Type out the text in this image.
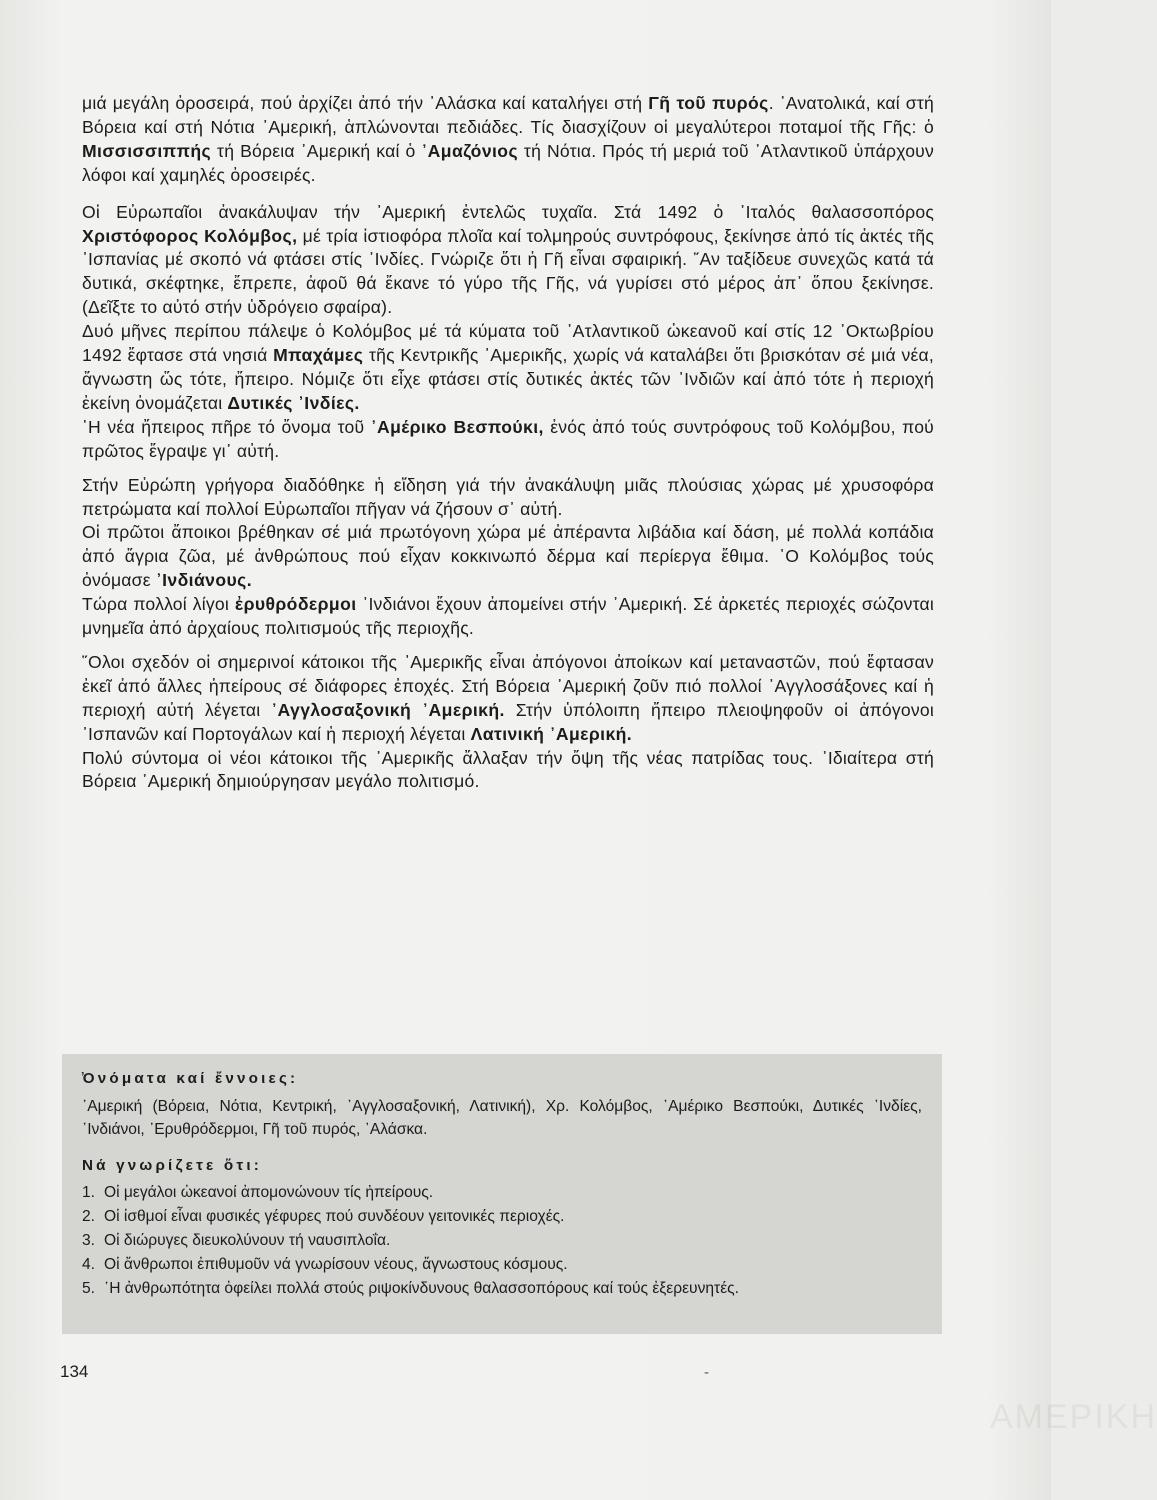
μιά μεγάλη ὀροσειρά, πού ἀρχίζει ἀπό τήν ᾿Αλάσκα καί καταλήγει στή Γῆ τοῦ πυρός. ᾿Ανατολικά, καί στή Βόρεια καί στή Νότια ᾿Αμερική, ἁπλώνονται πεδιάδες. Τίς διασχίζουν οἱ μεγαλύτεροι ποταμοί τῆς Γῆς: ὁ Μισσισσιππής τή Βόρεια ᾿Αμερική καί ὁ ᾿Αμαζόνιος τή Νότια. Πρός τή μεριά τοῦ ᾿Ατλαντικοῦ ὑπάρχουν λόφοι καί χαμηλές ὀροσειρές.

Οἱ Εὐρωπαῖοι ἀνακάλυψαν τήν ᾿Αμερική ἐντελῶς τυχαῖα. Στά 1492 ὁ ᾿Ιταλός θαλασσοπόρος Χριστόφορος Κολόμβος, μέ τρία ἱστιοφόρα πλοῖα καί τολμηρούς συντρόφους, ξεκίνησε ἀπό τίς ἀκτές τῆς ᾿Ισπανίας μέ σκοπό νά φτάσει στίς ᾿Ινδίες. Γνώριζε ὅτι ἡ Γῆ εἶναι σφαιρική. ῎Αν ταξίδευε συνεχῶς κατά τά δυτικά, σκέφτηκε, ἔπρεπε, ἀφοῦ θά ἔκανε τό γύρο τῆς Γῆς, νά γυρίσει στό μέρος ἀπ᾿ ὅπου ξεκίνησε. (Δεῖξτε το αὐτό στήν ὑδρόγειο σφαίρα).

Δυό μῆνες περίπου πάλεψε ὁ Κολόμβος μέ τά κύματα τοῦ ᾿Ατλαντικοῦ ὠκεανοῦ καί στίς 12 ᾿Οκτωβρίου 1492 ἔφτασε στά νησιά Μπαχάμες τῆς Κεντρικῆς ᾿Αμερικῆς, χωρίς νά καταλάβει ὅτι βρισκόταν σέ μιά νέα, ἄγνωστη ὥς τότε, ἤπειρο. Νόμιζε ὅτι εἶχε φτάσει στίς δυτικές ἀκτές τῶν ᾿Ινδιῶν καί ἀπό τότε ἡ περιοχή ἐκείνη ὀνομάζεται Δυτικές ᾿Ινδίες.

῾Η νέα ἤπειρος πῆρε τό ὄνομα τοῦ ᾿Αμέρικο Βεσπούκι, ἑνός ἀπό τούς συντρόφους τοῦ Κολόμβου, πού πρῶτος ἔγραψε γι᾿ αὐτή.

Στήν Εὐρώπη γρήγορα διαδόθηκε ἡ εἴδηση γιά τήν ἀνακάλυψη μιᾶς πλούσιας χώρας μέ χρυσοφόρα πετρώματα καί πολλοί Εὐρωπαῖοι πῆγαν νά ζήσουν σ᾿ αὐτή.

Οἱ πρῶτοι ἄποικοι βρέθηκαν σέ μιά πρωτόγονη χώρα μέ ἀπέραντα λιβάδια καί δάση, μέ πολλά κοπάδια ἀπό ἄγρια ζῶα, μέ ἀνθρώπους πού εἶχαν κοκκινωπό δέρμα καί περίεργα ἔθιμα. ῾Ο Κολόμβος τούς ὀνόμασε ᾿Ινδιάνους.

Τώρα πολλοί λίγοι ἐρυθρόδερμοι ᾿Ινδιάνοι ἔχουν ἀπομείνει στήν ᾿Αμερική. Σέ ἀρκετές περιοχές σώζονται μνημεῖα ἀπό ἀρχαίους πολιτισμούς τῆς περιοχῆς.

῞Ολοι σχεδόν οἱ σημερινοί κάτοικοι τῆς ᾿Αμερικῆς εἶναι ἀπόγονοι ἀποίκων καί μεταναστῶν, πού ἔφτασαν ἐκεῖ ἀπό ἄλλες ἠπείρους σέ διάφορες ἐποχές. Στή Βόρεια ᾿Αμερική ζοῦν πιό πολλοί ᾿Αγγλοσάξονες καί ἡ περιοχή αὐτή λέγεται ᾿Αγγλοσαξονική ᾿Αμερική. Στήν ὑπόλοιπη ἤπειρο πλειοψηφοῦν οἱ ἀπόγονοι ᾿Ισπανῶν καί Πορτογάλων καί ἡ περιοχή λέγεται Λατινική ᾿Αμερική.

Πολύ σύντομα οἱ νέοι κάτοικοι τῆς ᾿Αμερικῆς ἄλλαξαν τήν ὄψη τῆς νέας πατρίδας τους. ᾿Ιδιαίτερα στή Βόρεια ᾿Αμερική δημιούργησαν μεγάλο πολιτισμό.

Ὀνόματα καί ἔννοιες:

᾿Αμερική (Βόρεια, Νότια, Κεντρική, ᾿Αγγλοσαξονική, Λατινική), Χρ. Κολόμβος, ᾿Αμέρικο Βεσπούκι, Δυτικές ᾿Ινδίες, ᾿Ινδιάνοι, ᾿Ερυθρόδερμοι, Γῆ τοῦ πυρός, ᾿Αλάσκα.

Νά γνωρίζετε ὅτι:

1. Οἱ μεγάλοι ὠκεανοί ἀπομονώνουν τίς ἠπείρους.
2. Οἱ ἰσθμοί εἶναι φυσικές γέφυρες πού συνδέουν γειτονικές περιοχές.
3. Οἱ διώρυγες διευκολύνουν τή ναυσιπλοΐα.
4. Οἱ ἄνθρωποι ἐπιθυμοῦν νά γνωρίσουν νέους, ἄγνωστους κόσμους.
5. ῾Η ἀνθρωπότητα ὀφείλει πολλά στούς ριψοκίνδυνους θαλασσοπόρους καί τούς ἐξερευνητές.
134	-
ΑΜΕΡΙΚΗ
